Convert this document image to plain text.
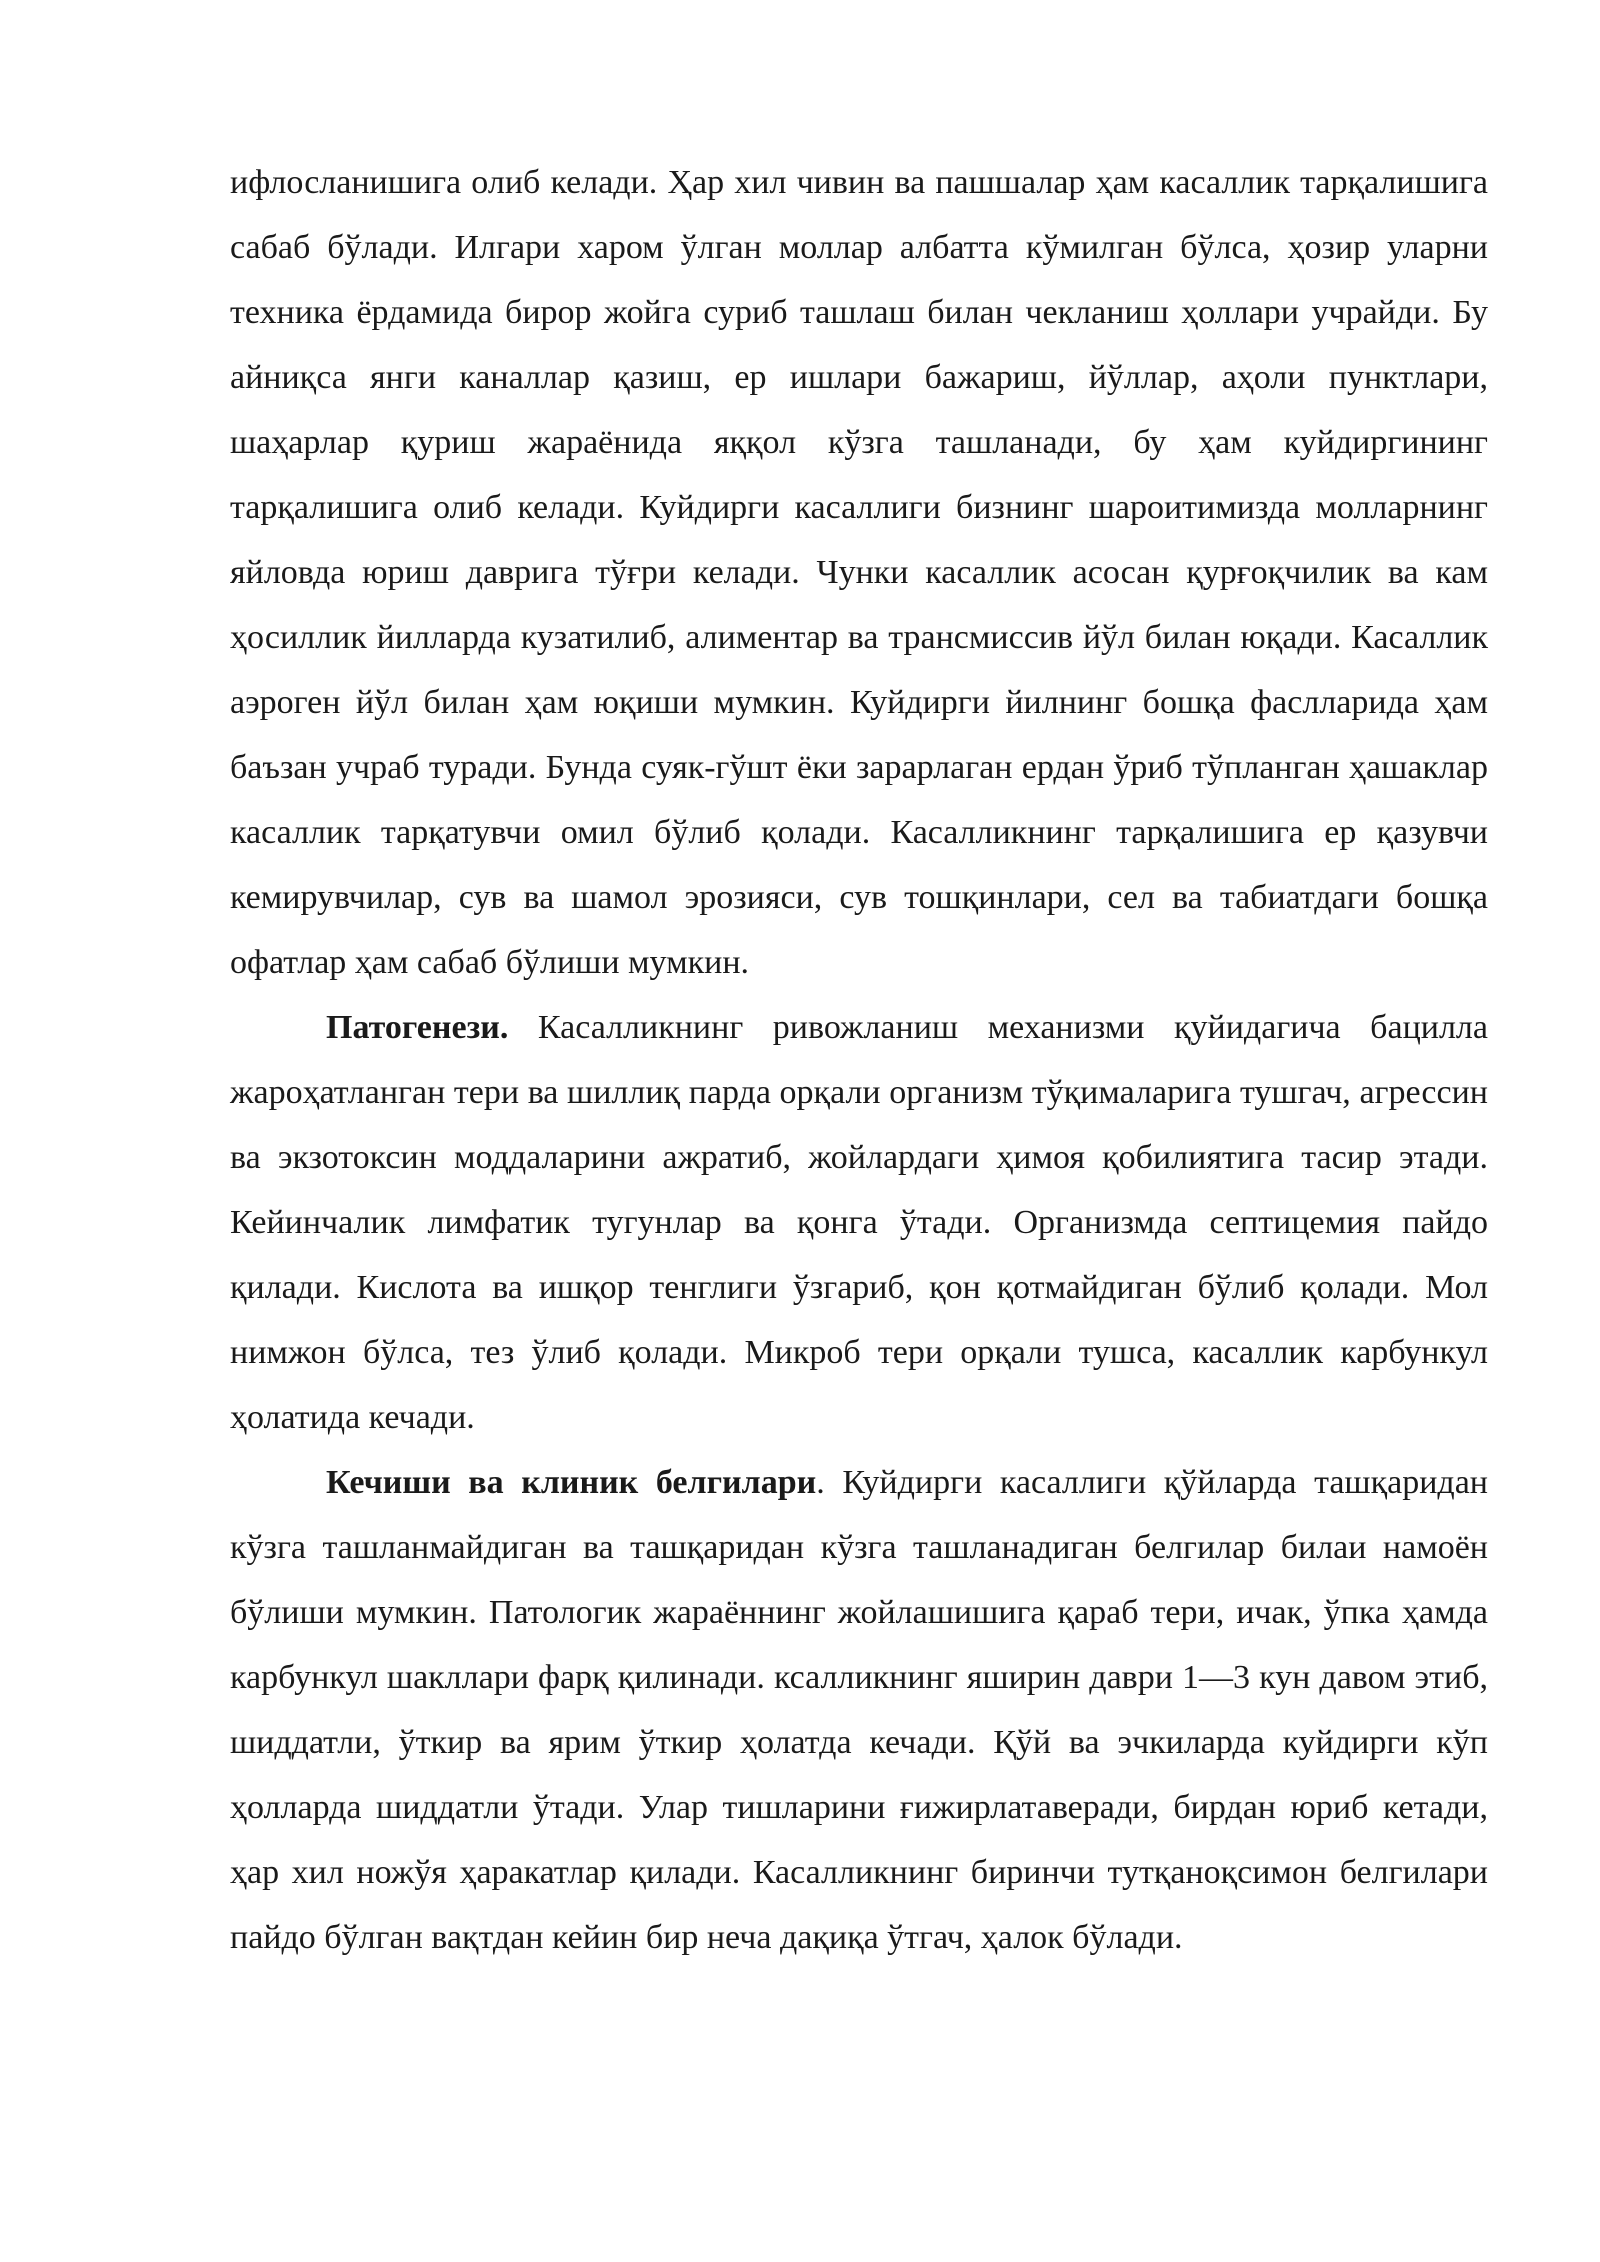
ифлосланишига олиб келади. Ҳар хил чивин ва пашшалар ҳам касаллик тарқалишига сабаб бўлади. Илгари харом ўлган моллар албатта кўмилган бўлса, ҳозир уларни техника ёрдамида бирор жойга суриб ташлаш билан чекланиш ҳоллари учрайди. Бу айниқса янги каналлар қазиш, ер ишлари бажариш, йўллар, аҳоли пунктлари, шаҳарлар қуриш жараёнида яққол кўзга ташланади, бу ҳам куйдиргининг тарқалишига олиб келади. Куйдирги касаллиги бизнинг шароитимизда молларнинг яйловда юриш даврига тўғри келади. Чунки касаллик асосан қурғоқчилик ва кам ҳосиллик йилларда кузатилиб, алиментар ва трансмиссив йўл билан юқади. Касаллик аэроген йўл билан ҳам юқиши мумкин. Куйдирги йилнинг бошқа фаслларида ҳам баъзан учраб туради. Бунда суяк-гўшт ёки зарарлаган ердан ўриб тўпланган ҳашаклар касаллик тарқатувчи омил бўлиб қолади. Касалликнинг тарқалишига ер қазувчи кемирувчилар, сув ва шамол эрозияси, сув тошқинлари, сел ва табиатдаги бошқа офатлар ҳам сабаб бўлиши мумкин.

Патогенези. Касалликнинг ривожланиш механизми қуйидагича бацилла жароҳатланган тери ва шиллиқ парда орқали организм тўқималарига тушгач, агрессин ва экзотоксин моддаларини ажратиб, жойлардаги ҳимоя қобилиятига тасир этади. Кейинчалик лимфатик тугунлар ва қонга ўтади. Организмда септицемия пайдо қилади. Кислота ва ишқор тенглиги ўзгариб, қон қотмайдиган бўлиб қолади. Мол нимжон бўлса, тез ўлиб қолади. Микроб тери орқали тушса, касаллик карбункул ҳолатида кечади.

Кечиши ва клиник белгилари. Куйдирги касаллиги қўйларда ташқаридан кўзга ташланмайдиган ва ташқаридан кўзга ташланадиган белгилар билаи намоён бўлиши мумкин. Патологик жараённинг жойлашишига қараб тери, ичак, ўпка ҳамда карбункул шакллари фарқ қилинади. ксалликнинг яширин даври 1—3 кун давом этиб, шиддатли, ўткир ва ярим ўткир ҳолатда кечади. Қўй ва эчкиларда куйдирги кўп ҳолларда шиддатли ўтади. Улар тишларини ғижирлатаверади, бирдан юриб кетади, ҳар хил ножўя ҳаракатлар қилади. Касалликнинг биринчи тутқаноқсимон белгилари пайдо бўлган вақтдан кейин бир неча дақиқа ўтгач, ҳалок бўлади.
